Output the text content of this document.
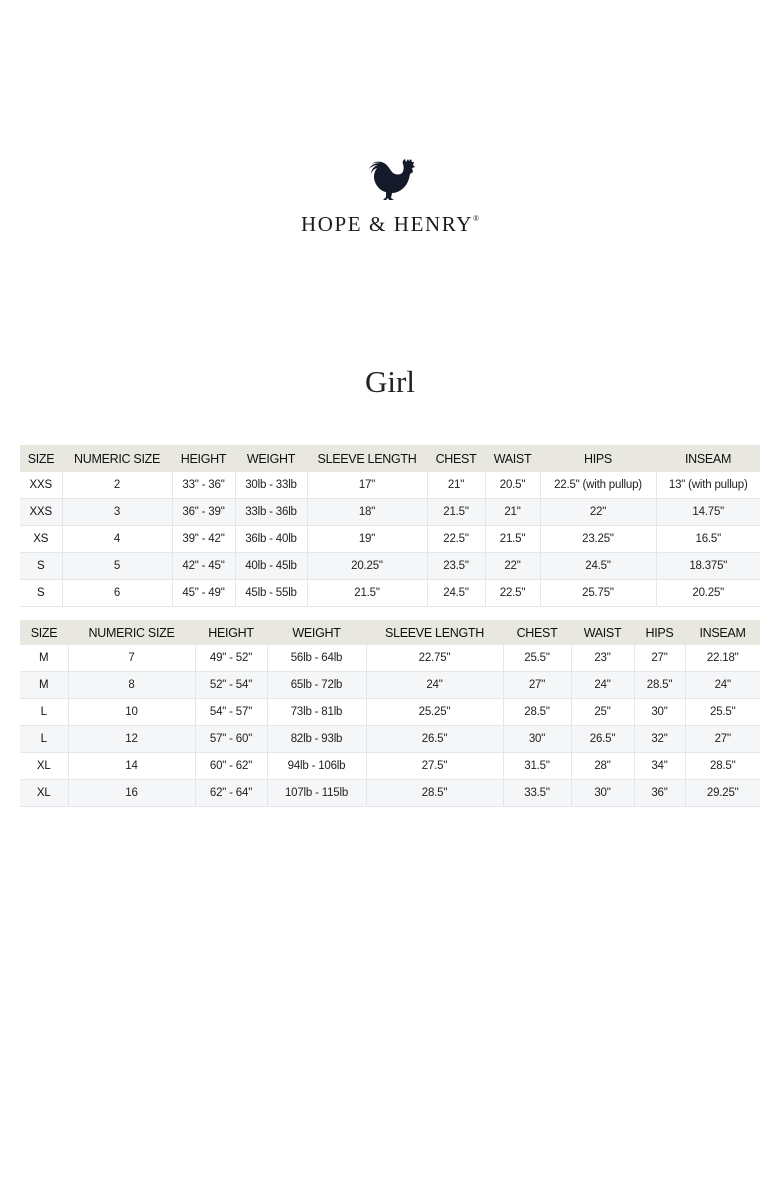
HOPE & HENRY®
Girl
SIZE	NUMERIC SIZE	HEIGHT	WEIGHT	SLEEVE LENGTH	CHEST	WAIST	HIPS	INSEAM
XXS	2	33" - 36"	30lb - 33lb	17"	21"	20.5"	22.5" (with pullup)	13" (with pullup)
XXS	3	36" - 39"	33lb - 36lb	18"	21.5"	21"	22"	14.75"
XS	4	39" - 42"	36lb - 40lb	19"	22.5"	21.5"	23.25"	16.5"
S	5	42" - 45"	40lb - 45lb	20.25"	23.5"	22"	24.5"	18.375"
S	6	45" - 49"	45lb - 55lb	21.5"	24.5"	22.5"	25.75"	20.25"
SIZE	NUMERIC SIZE	HEIGHT	WEIGHT	SLEEVE LENGTH	CHEST	WAIST	HIPS	INSEAM
M	7	49" - 52"	56lb - 64lb	22.75"	25.5"	23"	27"	22.18"
M	8	52" - 54"	65lb - 72lb	24"	27"	24"	28.5"	24"
L	10	54" - 57"	73lb - 81lb	25.25"	28.5"	25"	30"	25.5"
L	12	57" - 60"	82lb - 93lb	26.5"	30"	26.5"	32"	27"
XL	14	60" - 62"	94lb - 106lb	27.5"	31.5"	28"	34"	28.5"
XL	16	62" - 64"	107lb - 115lb	28.5"	33.5"	30"	36"	29.25"
